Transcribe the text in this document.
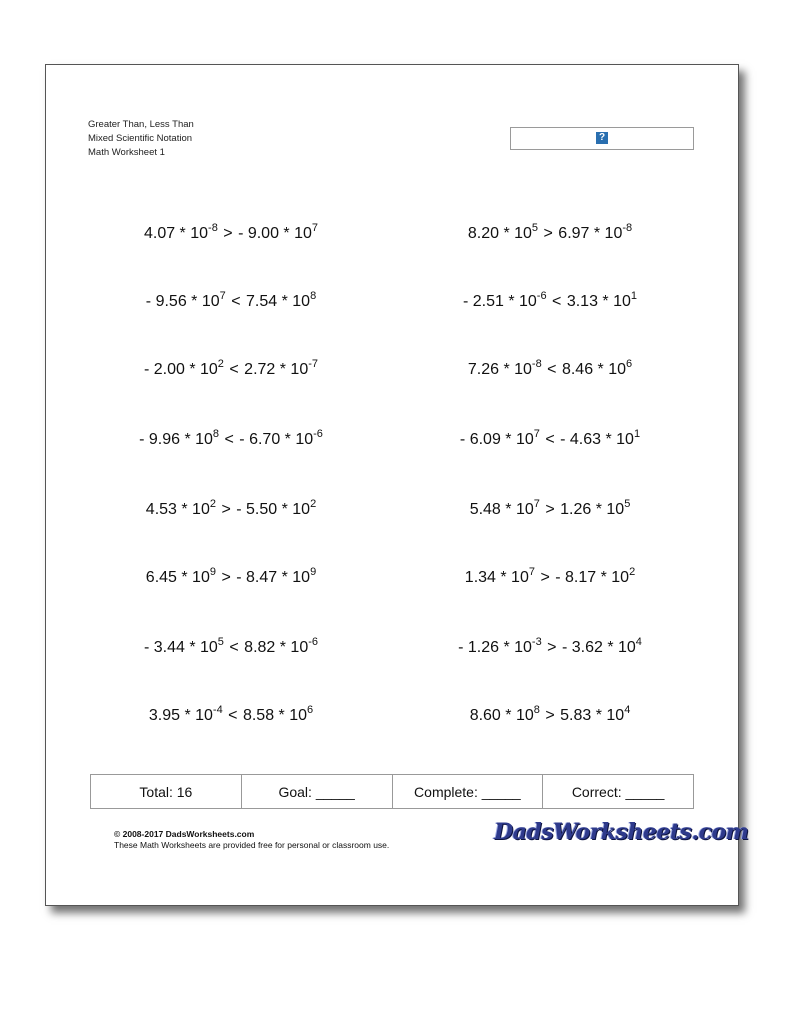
Greater Than, Less Than
Mixed Scientific Notation
Math Worksheet 1
?
$4.07 * 10^{-8}$ > - $9.00 * 10^7$	$8.20 * 10^5 > 6.97 * 10^{-8}$
- $9.56 * 10^7 < 7.54 * 10^8$	- $2.51 * 10^{-6} < 3.13 * 10^1$
- $2.00 * 10^2 < 2.72 * 10^{-7}$	$7.26 * 10^{-8} < 8.46 * 10^6$
- $9.96 * 10^8$ < - $6.70 * 10^{-6}$	- $6.09 * 10^7$ < - $4.63 * 10^1$
$4.53 * 10^2$ > - $5.50 * 10^2$	$5.48 * 10^7 > 1.26 * 10^5$
$6.45 * 10^9$ > - $8.47 * 10^9$	$1.34 * 10^7$ > - $8.17 * 10^2$
- $3.44 * 10^5 < 8.82 * 10^{-6}$	- $1.26 * 10^{-3}$ > - $3.62 * 10^4$
$3.95 * 10^{-4} < 8.58 * 10^6$	$8.60 * 10^8 > 5.83 * 10^4$
Total: 16	Goal: _____	Complete: _____	Correct: _____
© 2008-2017 DadsWorksheets.com
These Math Worksheets are provided free for personal or classroom use.	DadsWorksheets.com
